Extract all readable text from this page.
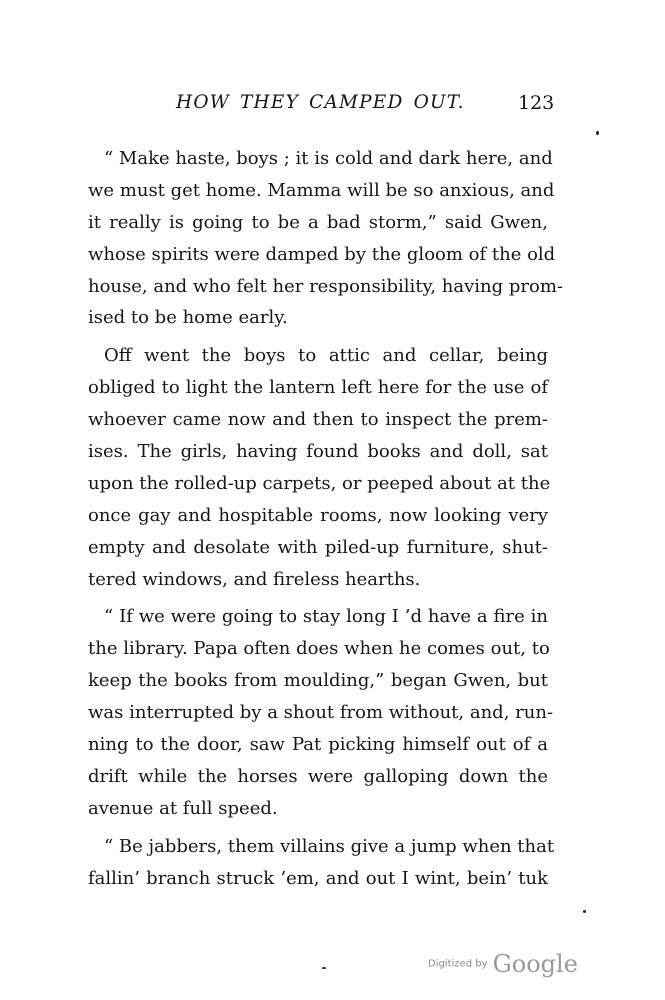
HOW THEY CAMPED OUT.	123
“ Make haste, boys ; it is cold and dark here, and
we must get home. Mamma will be so anxious, and
it really is going to be a bad storm,” said Gwen,
whose spirits were damped by the gloom of the old
house, and who felt her responsibility, having prom-
ised to be home early.
Off went the boys to attic and cellar, being
obliged to light the lantern left here for the use of
whoever came now and then to inspect the prem-
ises. The girls, having found books and doll, sat
upon the rolled-up carpets, or peeped about at the
once gay and hospitable rooms, now looking very
empty and desolate with piled-up furniture, shut-
tered windows, and fireless hearths.
“ If we were going to stay long I ’d have a fire in
the library. Papa often does when he comes out, to
keep the books from moulding,” began Gwen, but
was interrupted by a shout from without, and, run-
ning to the door, saw Pat picking himself out of a
drift while the horses were galloping down the
avenue at full speed.
“ Be jabbers, them villains give a jump when that
fallin’ branch struck ’em, and out I wint, bein’ tuk
Digitized by Google
